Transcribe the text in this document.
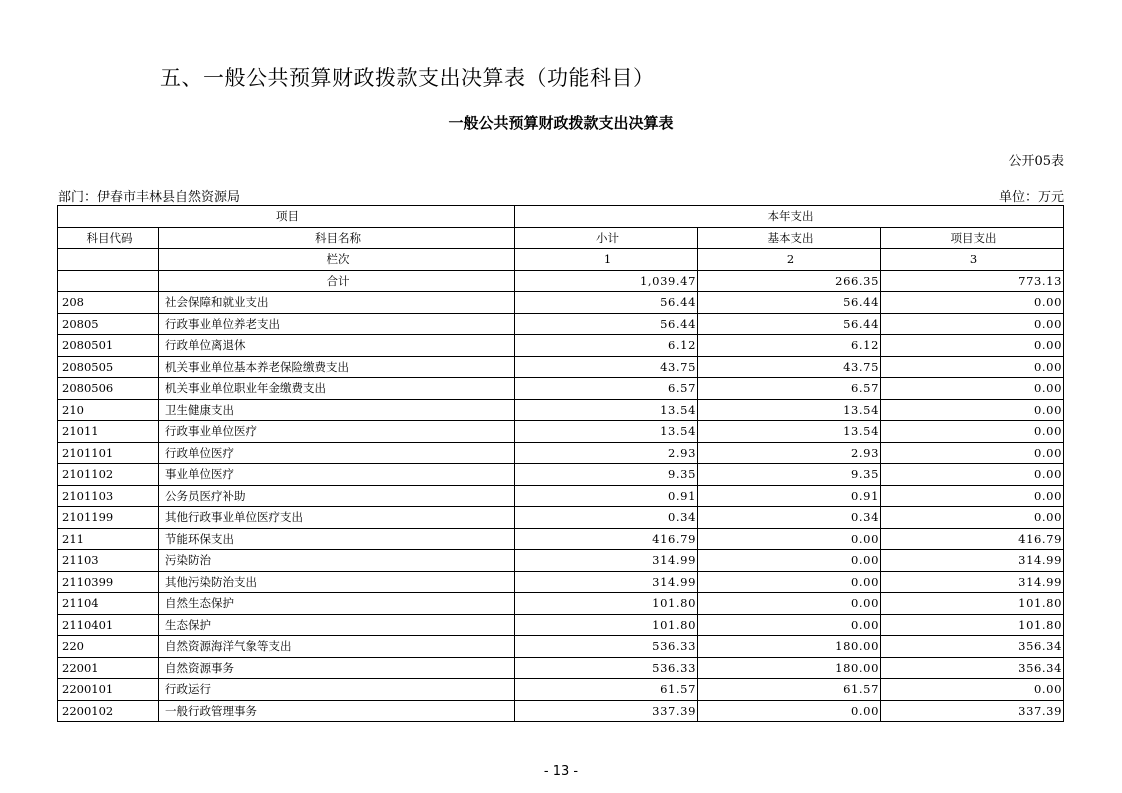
五、一般公共预算财政拨款支出决算表（功能科目）
一般公共预算财政拨款支出决算表
公开05表
部门：伊春市丰林县自然资源局	单位：万元
项目		本年支出		
科目代码	科目名称	小计	基本支出	项目支出
	栏次	1	2	3
	合计	1,039.47	266.35	773.13
208	社会保障和就业支出	56.44	56.44	0.00
20805	行政事业单位养老支出	56.44	56.44	0.00
2080501	行政单位离退休	6.12	6.12	0.00
2080505	机关事业单位基本养老保险缴费支出	43.75	43.75	0.00
2080506	机关事业单位职业年金缴费支出	6.57	6.57	0.00
210	卫生健康支出	13.54	13.54	0.00
21011	行政事业单位医疗	13.54	13.54	0.00
2101101	行政单位医疗	2.93	2.93	0.00
2101102	事业单位医疗	9.35	9.35	0.00
2101103	公务员医疗补助	0.91	0.91	0.00
2101199	其他行政事业单位医疗支出	0.34	0.34	0.00
211	节能环保支出	416.79	0.00	416.79
21103	污染防治	314.99	0.00	314.99
2110399	其他污染防治支出	314.99	0.00	314.99
21104	自然生态保护	101.80	0.00	101.80
2110401	生态保护	101.80	0.00	101.80
220	自然资源海洋气象等支出	536.33	180.00	356.34
22001	自然资源事务	536.33	180.00	356.34
2200101	行政运行	61.57	61.57	0.00
2200102	一般行政管理事务	337.39	0.00	337.39
- 13 -
